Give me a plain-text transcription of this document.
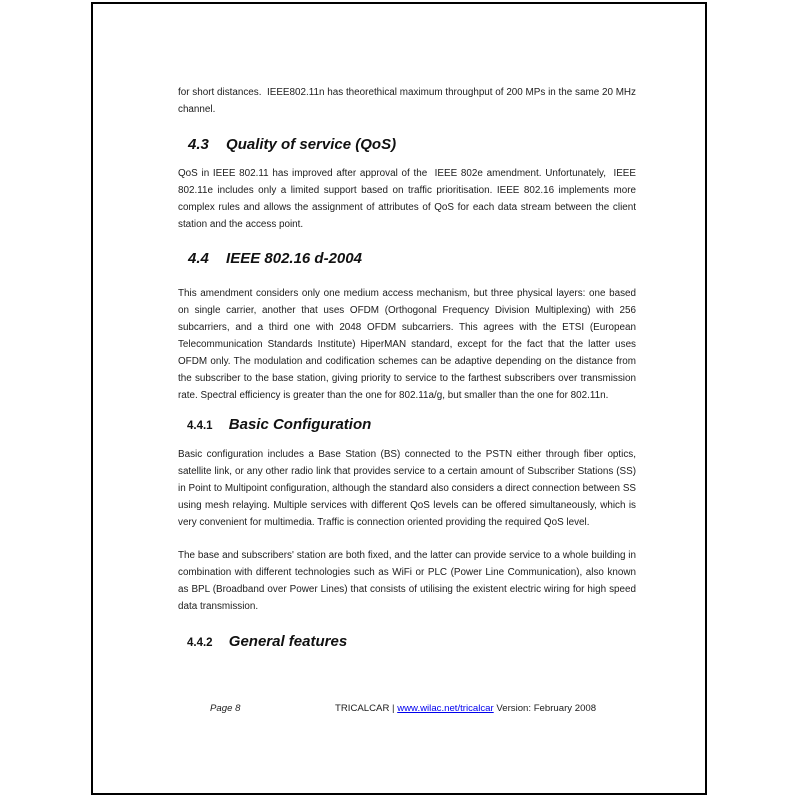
for short distances.  IEEE802.11n has theorethical maximum throughput of 200 MPs in the same 20 MHz channel.

4.3 Quality of service (QoS)

QoS in IEEE 802.11 has improved after approval of the  IEEE 802e amendment. Unfortunately,  IEEE 802.11e includes only a limited support based on traffic prioritisation. IEEE 802.16 implements more complex rules and allows the assignment of attributes of QoS for each data stream between the client station and the access point.

4.4 IEEE 802.16 d-2004

This amendment considers only one medium access mechanism, but three physical layers: one based on single carrier, another that uses OFDM (Orthogonal Frequency Division Multiplexing) with 256 subcarriers, and a third one with 2048 OFDM subcarriers. This agrees with the ETSI (European Telecommunication Standards Institute) HiperMAN standard, except for the fact that the latter uses OFDM only. The modulation and codification schemes can be adaptive depending on the distance from the subscriber to the base station, giving priority to service to the farthest subscribers over transmission rate. Spectral efficiency is greater than the one for 802.11a/g, but smaller than the one for 802.11n.

4.4.1 Basic Configuration

Basic configuration includes a Base Station (BS) connected to the PSTN either through fiber optics, satellite link, or any other radio link that provides service to a certain amount of Subscriber Stations (SS) in Point to Multipoint configuration, although the standard also considers a direct connection between SS using mesh relaying. Multiple services with different QoS levels can be offered simultaneously, which is very convenient for multimedia. Traffic is connection oriented providing the required QoS level.

The base and subscribers' station are both fixed, and the latter can provide service to a whole building in combination with different technologies such as WiFi or PLC (Power Line Communication), also known as BPL (Broadband over Power Lines) that consists of utilising the existent electric wiring for high speed data transmission.

4.4.2 General features
Page 8	TRICALCAR | www.wilac.net/tricalcar Version: February 2008
